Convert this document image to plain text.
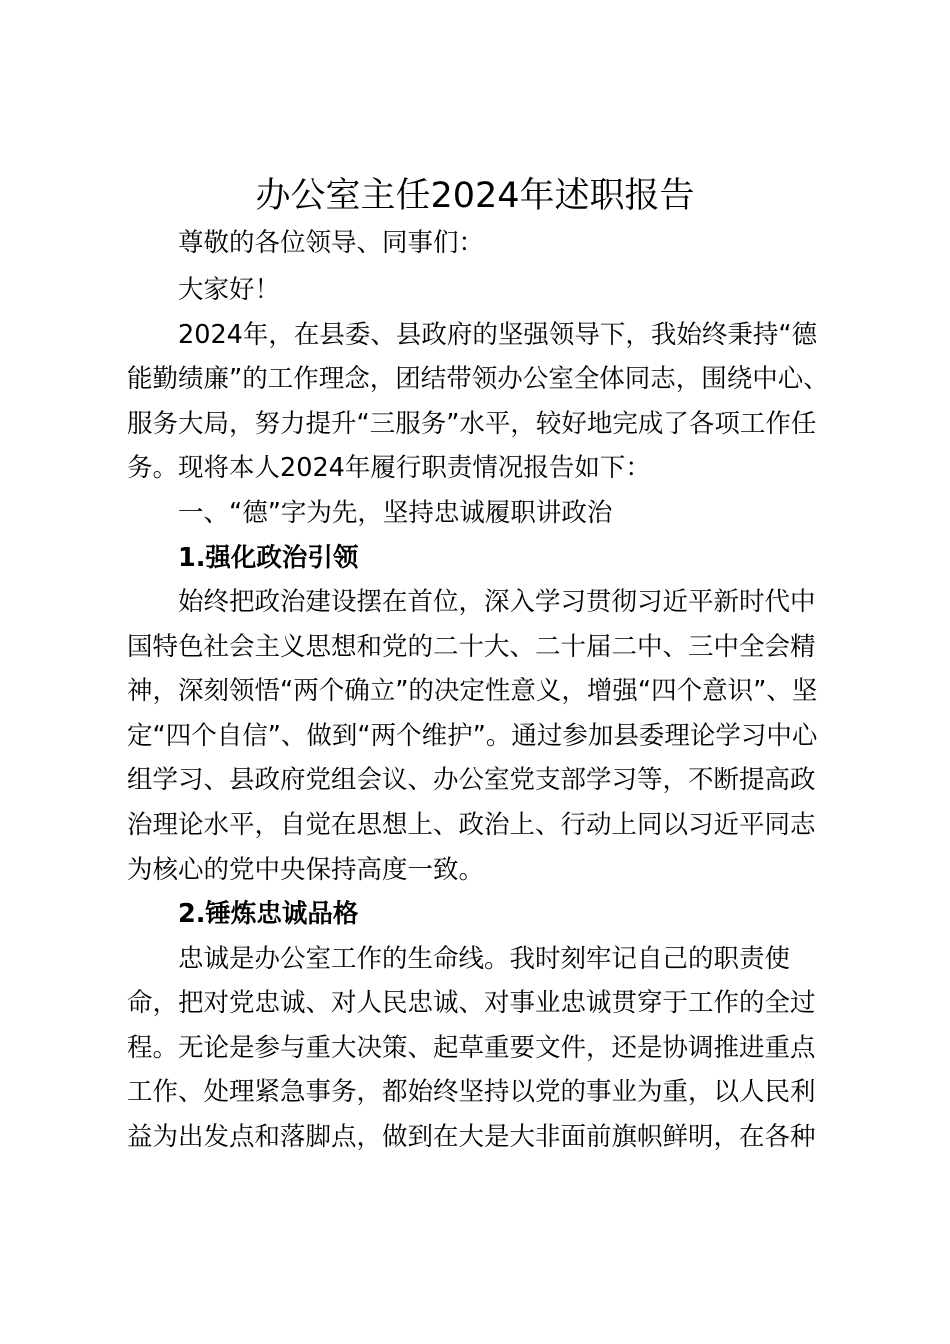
办公室主任2024年述职报告

尊敬的各位领导、同事们：

大家好！

2024年，在县委、县政府的坚强领导下，我始终秉持“德

能勤绩廉”的工作理念，团结带领办公室全体同志，围绕中心、

服务大局，努力提升“三服务”水平，较好地完成了各项工作任

务。现将本人2024年履行职责情况报告如下：

一、“德”字为先，坚持忠诚履职讲政治

1.强化政治引领

始终把政治建设摆在首位，深入学习贯彻习近平新时代中

国特色社会主义思想和党的二十大、二十届二中、三中全会精

神，深刻领悟“两个确立”的决定性意义，增强“四个意识”、坚

定“四个自信”、做到“两个维护”。通过参加县委理论学习中心

组学习、县政府党组会议、办公室党支部学习等，不断提高政

治理论水平，自觉在思想上、政治上、行动上同以习近平同志

为核心的党中央保持高度一致。

2.锤炼忠诚品格

忠诚是办公室工作的生命线。我时刻牢记自己的职责使

命，把对党忠诚、对人民忠诚、对事业忠诚贯穿于工作的全过

程。无论是参与重大决策、起草重要文件，还是协调推进重点

工作、处理紧急事务，都始终坚持以党的事业为重，以人民利

益为出发点和落脚点，做到在大是大非面前旗帜鲜明，在各种
